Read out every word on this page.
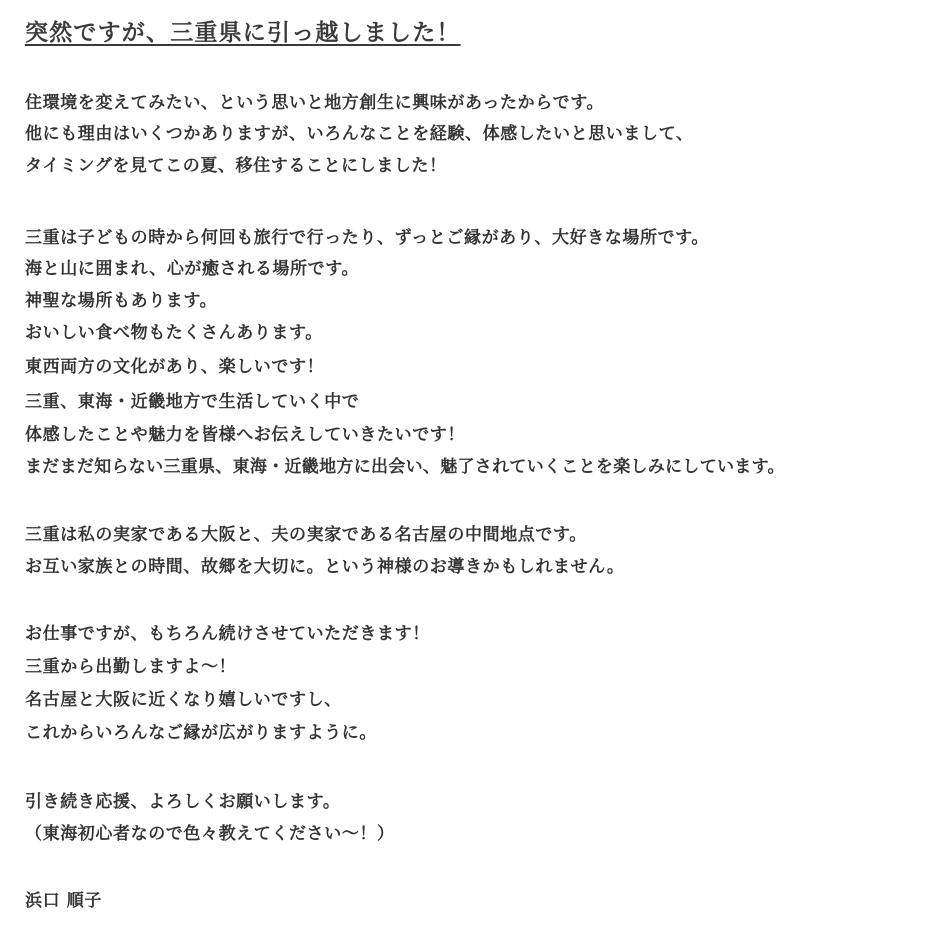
突然ですが、三重県に引っ越しました！
住環境を変えてみたい、という思いと地方創生に興味があったからです。
他にも理由はいくつかありますが、いろんなことを経験、体感したいと思いまして、
タイミングを見てこの夏、移住することにしました！
三重は子どもの時から何回も旅行で行ったり、ずっとご縁があり、大好きな場所です。
海と山に囲まれ、心が癒される場所です。
神聖な場所もあります。
おいしい食べ物もたくさんあります。
東西両方の文化があり、楽しいです！
三重、東海・近畿地方で生活していく中で
体感したことや魅力を皆様へお伝えしていきたいです！
まだまだ知らない三重県、東海・近畿地方に出会い、魅了されていくことを楽しみにしています。
三重は私の実家である大阪と、夫の実家である名古屋の中間地点です。
お互い家族との時間、故郷を大切に。という神様のお導きかもしれません。
お仕事ですが、もちろん続けさせていただきます！
三重から出勤しますよ〜！
名古屋と大阪に近くなり嬉しいですし、
これからいろんなご縁が広がりますように。
引き続き応援、よろしくお願いします。
（東海初心者なので色々教えてください〜！）
浜口 順子
